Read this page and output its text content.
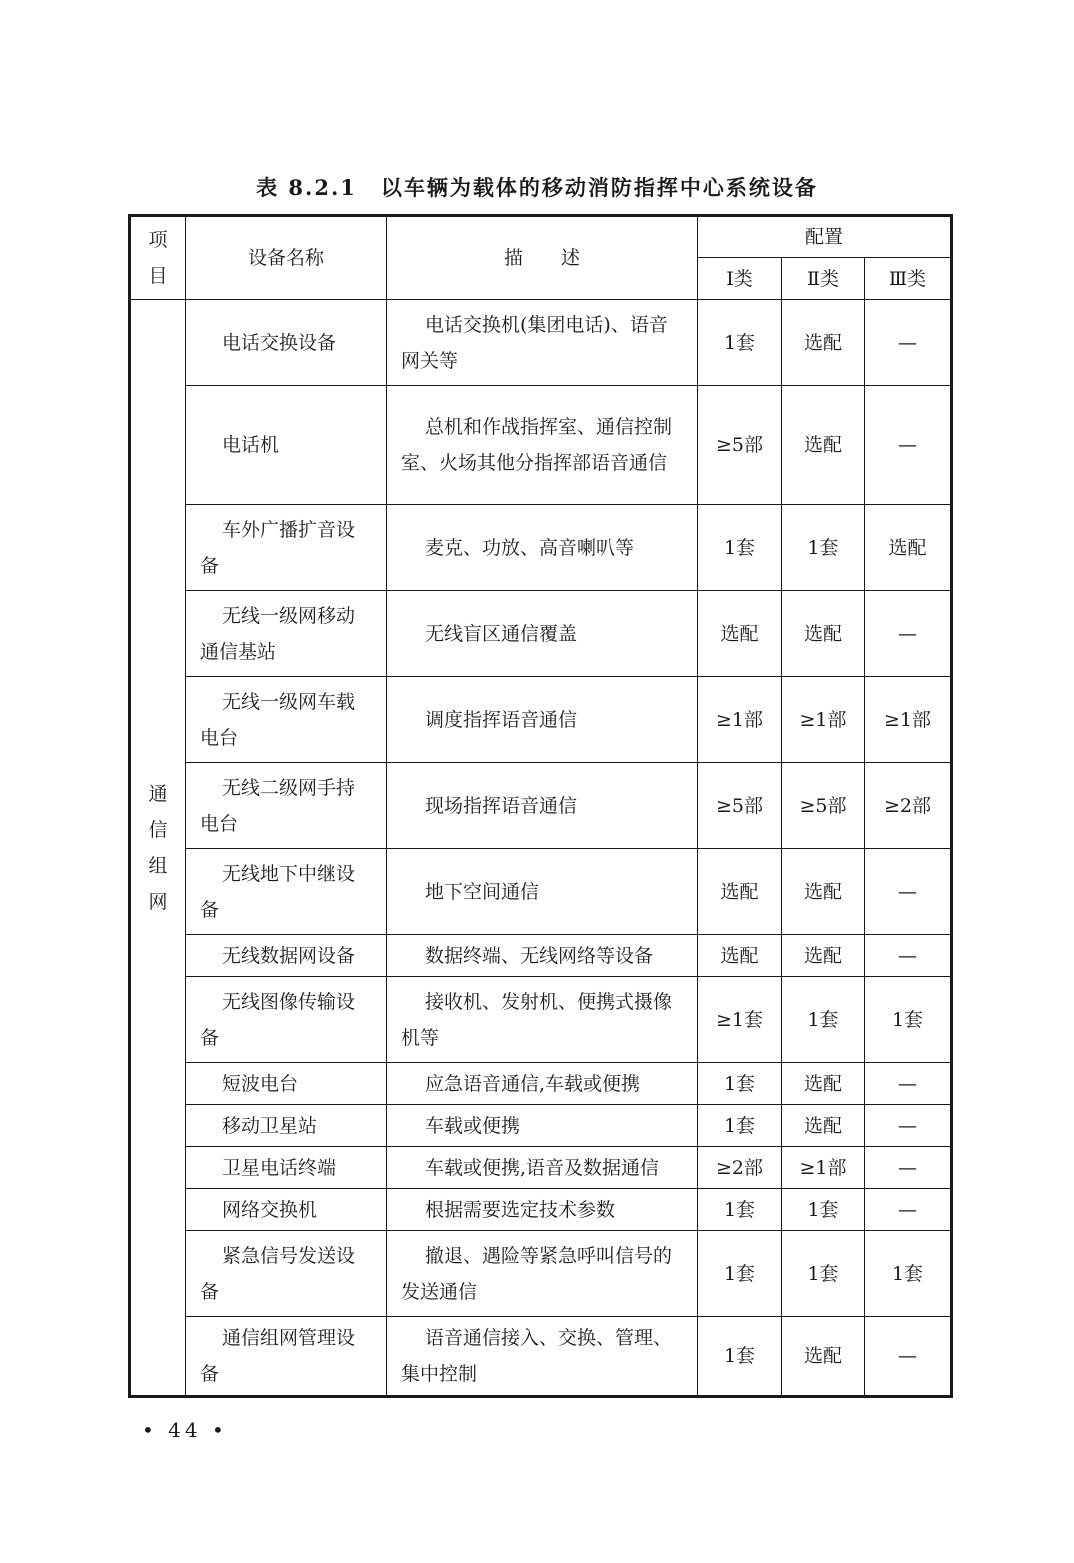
表 8.2.1 以车辆为载体的移动消防指挥中心系统设备
项目	设备名称	描　　述	配置		
			Ⅰ类	Ⅱ类	Ⅲ类
通信组网	电话交换设备	电话交换机(集团电话)、语音网关等	1套	选配	—
	电话机	总机和作战指挥室、通信控制室、火场其他分指挥部语音通信	≥5部	选配	—
	车外广播扩音设备	麦克、功放、高音喇叭等	1套	1套	选配
	无线一级网移动通信基站	无线盲区通信覆盖	选配	选配	—
	无线一级网车载电台	调度指挥语音通信	≥1部	≥1部	≥1部
	无线二级网手持电台	现场指挥语音通信	≥5部	≥5部	≥2部
	无线地下中继设备	地下空间通信	选配	选配	—
	无线数据网设备	数据终端、无线网络等设备	选配	选配	—
	无线图像传输设备	接收机、发射机、便携式摄像机等	≥1套	1套	1套
	短波电台	应急语音通信,车载或便携	1套	选配	—
	移动卫星站	车载或便携	1套	选配	—
	卫星电话终端	车载或便携,语音及数据通信	≥2部	≥1部	—
	网络交换机	根据需要选定技术参数	1套	1套	—
	紧急信号发送设备	撤退、遇险等紧急呼叫信号的发送通信	1套	1套	1套
	通信组网管理设备	语音通信接入、交换、管理、集中控制	1套	选配	—
• 44 •
